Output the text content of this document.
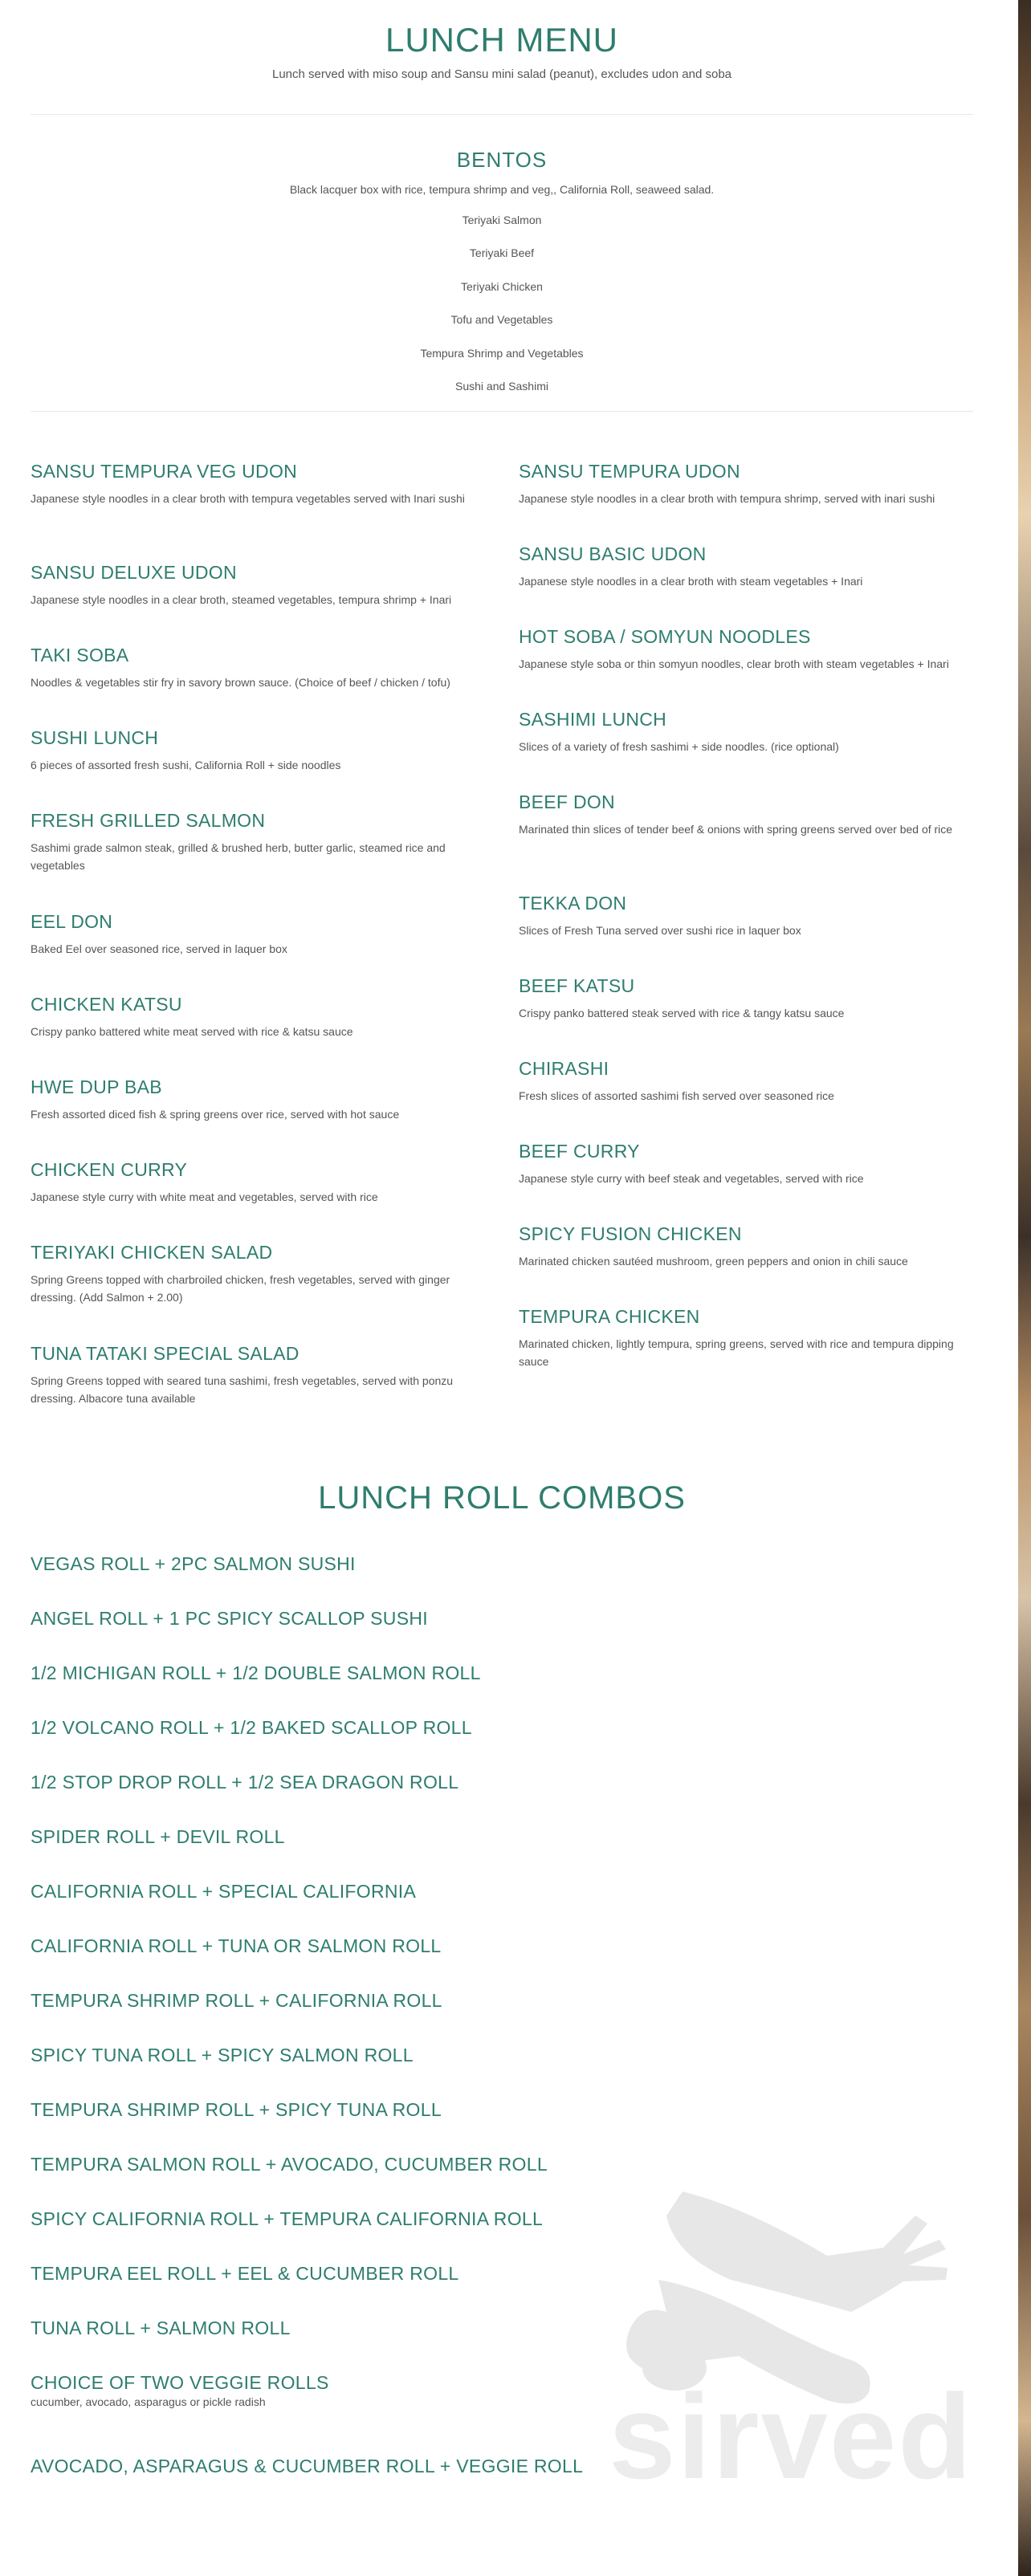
LUNCH MENU

Lunch served with miso soup and Sansu mini salad (peanut), excludes udon and soba

BENTOS

Black lacquer box with rice, tempura shrimp and veg,, California Roll, seaweed salad.

Teriyaki Salmon
Teriyaki Beef
Teriyaki Chicken
Tofu and Vegetables
Tempura Shrimp and Vegetables
Sushi and Sashimi
SANSU TEMPURA VEG UDON
Japanese style noodles in a clear broth with tempura vegetables served with Inari sushi
SANSU DELUXE UDON
Japanese style noodles in a clear broth, steamed vegetables, tempura shrimp + Inari
TAKI SOBA
Noodles & vegetables stir fry in savory brown sauce. (Choice of beef / chicken / tofu)
SUSHI LUNCH
6 pieces of assorted fresh sushi, California Roll + side noodles
FRESH GRILLED SALMON
Sashimi grade salmon steak, grilled & brushed herb, butter garlic, steamed rice and vegetables
EEL DON
Baked Eel over seasoned rice, served in laquer box
CHICKEN KATSU
Crispy panko battered white meat served with rice & katsu sauce
HWE DUP BAB
Fresh assorted diced fish & spring greens over rice, served with hot sauce
CHICKEN CURRY
Japanese style curry with white meat and vegetables, served with rice
TERIYAKI CHICKEN SALAD
Spring Greens topped with charbroiled chicken, fresh vegetables, served with ginger dressing. (Add Salmon + 2.00)
TUNA TATAKI SPECIAL SALAD
Spring Greens topped with seared tuna sashimi, fresh vegetables, served with ponzu dressing. Albacore tuna available
SANSU TEMPURA UDON
Japanese style noodles in a clear broth with tempura shrimp, served with inari sushi
SANSU BASIC UDON
Japanese style noodles in a clear broth with steam vegetables + Inari
HOT SOBA / SOMYUN NOODLES
Japanese style soba or thin somyun noodles, clear broth with steam vegetables + Inari
SASHIMI LUNCH
Slices of a variety of fresh sashimi + side noodles. (rice optional)
BEEF DON
Marinated thin slices of tender beef & onions with spring greens served over bed of rice
TEKKA DON
Slices of Fresh Tuna served over sushi rice in laquer box
BEEF KATSU
Crispy panko battered steak served with rice & tangy katsu sauce
CHIRASHI
Fresh slices of assorted sashimi fish served over seasoned rice
BEEF CURRY
Japanese style curry with beef steak and vegetables, served with rice
SPICY FUSION CHICKEN
Marinated chicken sautéed mushroom, green peppers and onion in chili sauce
TEMPURA CHICKEN
Marinated chicken, lightly tempura, spring greens, served with rice and tempura dipping sauce
LUNCH ROLL COMBOS
VEGAS ROLL + 2PC SALMON SUSHI
ANGEL ROLL + 1 PC SPICY SCALLOP SUSHI
1/2 MICHIGAN ROLL + 1/2 DOUBLE SALMON ROLL
1/2 VOLCANO ROLL + 1/2 BAKED SCALLOP ROLL
1/2 STOP DROP ROLL + 1/2 SEA DRAGON ROLL
SPIDER ROLL + DEVIL ROLL
CALIFORNIA ROLL + SPECIAL CALIFORNIA
CALIFORNIA ROLL + TUNA OR SALMON ROLL
TEMPURA SHRIMP ROLL + CALIFORNIA ROLL
SPICY TUNA ROLL + SPICY SALMON ROLL
TEMPURA SHRIMP ROLL + SPICY TUNA ROLL
TEMPURA SALMON ROLL + AVOCADO, CUCUMBER ROLL
SPICY CALIFORNIA ROLL + TEMPURA CALIFORNIA ROLL
TEMPURA EEL ROLL + EEL & CUCUMBER ROLL
TUNA ROLL + SALMON ROLL
CHOICE OF TWO VEGGIE ROLLS
cucumber, avocado, asparagus or pickle radish
AVOCADO, ASPARAGUS & CUCUMBER ROLL + VEGGIE ROLL sirved
